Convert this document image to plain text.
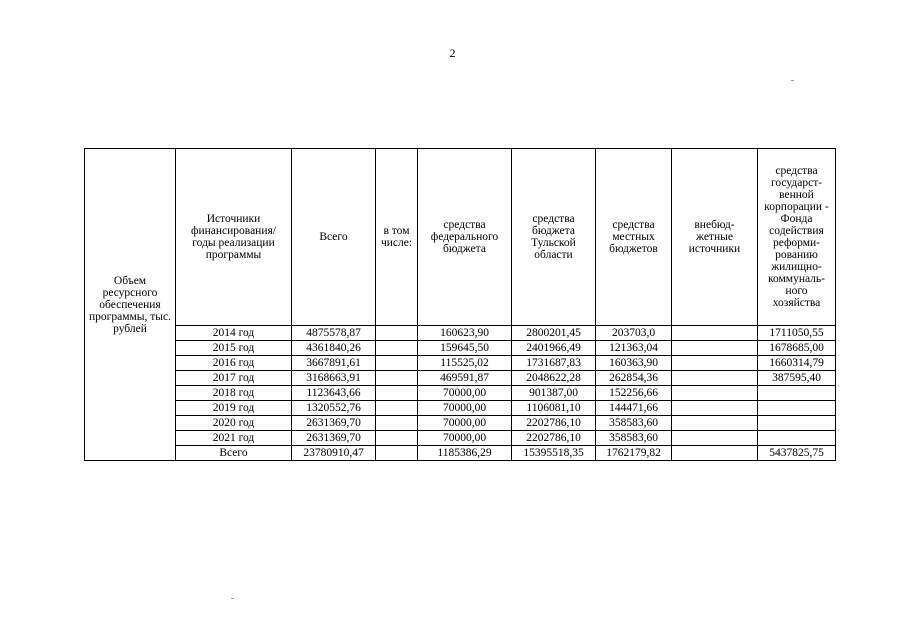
2
Объем ресурсного обеспечения программы, тыс. рублей	Источники финансирования/ годы реализации программы	Всего	в том числе:	средства федерального бюджета	средства бюджета Тульской области	средства местных бюджетов	внебюд- жетные источники	средства государст- венной корпорации - Фонда содействия реформи- рованию жилищно- коммуналь- ного хозяйства
	2014 год	4875578,87		160623,90	2800201,45	203703,0		1711050,55
	2015 год	4361840,26		159645,50	2401966,49	121363,04		1678685,00
	2016 год	3667891,61		115525,02	1731687,83	160363,90		1660314,79
	2017 год	3168663,91		469591,87	2048622,28	262854,36		387595,40
	2018 год	1123643,66		70000,00	901387,00	152256,66		
	2019 год	1320552,76		70000,00	1106081,10	144471,66		
	2020 год	2631369,70		70000,00	2202786,10	358583,60		
	2021 год	2631369,70		70000,00	2202786,10	358583,60		
	Всего	23780910,47		1185386,29	15395518,35	1762179,82		5437825,75
